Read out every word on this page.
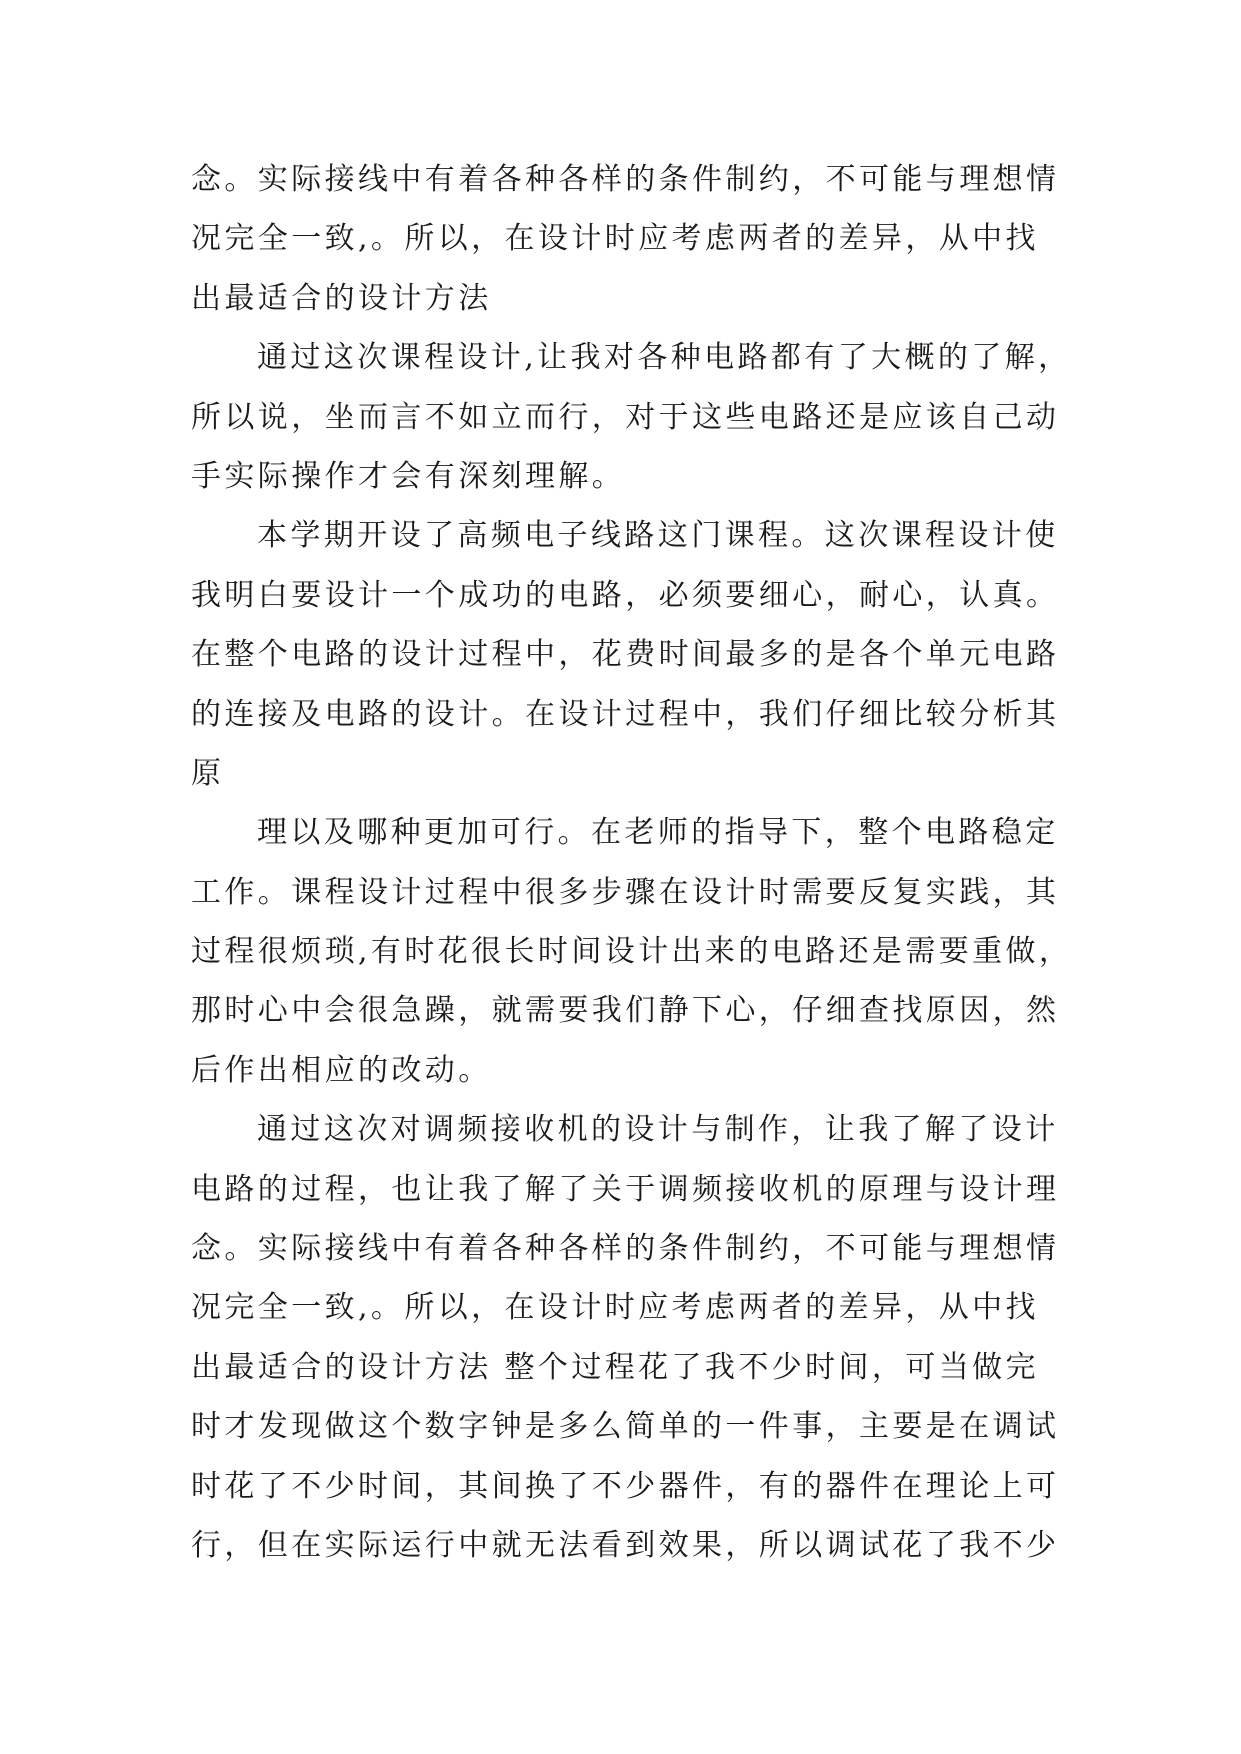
念。实际接线中有着各种各样的条件制约，不可能与理想情
况完全一致,。所以，在设计时应考虑两者的差异，从中找
出最适合的设计方法
通过这次课程设计,让我对各种电路都有了大概的了解，
所以说，坐而言不如立而行，对于这些电路还是应该自己动
手实际操作才会有深刻理解。
本学期开设了高频电子线路这门课程。这次课程设计使
我明白要设计一个成功的电路，必须要细心，耐心，认真。
在整个电路的设计过程中，花费时间最多的是各个单元电路
的连接及电路的设计。在设计过程中，我们仔细比较分析其
原
理以及哪种更加可行。在老师的指导下，整个电路稳定
工作。课程设计过程中很多步骤在设计时需要反复实践，其
过程很烦琐,有时花很长时间设计出来的电路还是需要重做，
那时心中会很急躁，就需要我们静下心，仔细查找原因，然
后作出相应的改动。
通过这次对调频接收机的设计与制作，让我了解了设计
电路的过程，也让我了解了关于调频接收机的原理与设计理
念。实际接线中有着各种各样的条件制约，不可能与理想情
况完全一致,。所以，在设计时应考虑两者的差异，从中找
出最适合的设计方法 整个过程花了我不少时间，可当做完
时才发现做这个数字钟是多么简单的一件事，主要是在调试
时花了不少时间，其间换了不少器件，有的器件在理论上可
行，但在实际运行中就无法看到效果，所以调试花了我不少
